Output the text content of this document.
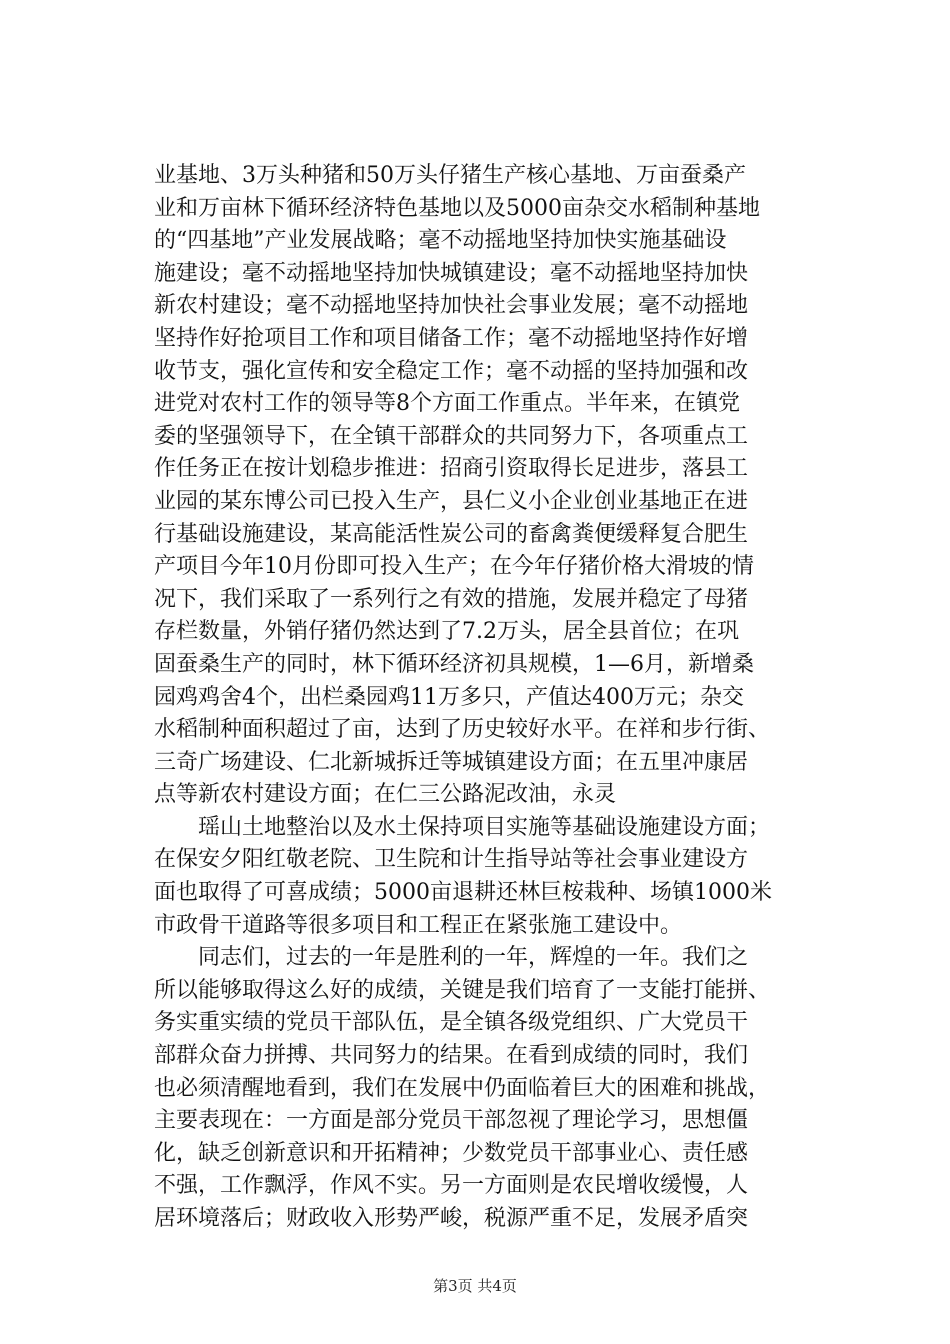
业基地、3万头种猪和50万头仔猪生产核心基地、万亩蚕桑产
业和万亩林下循环经济特色基地以及5000亩杂交水稻制种基地
的“四基地”产业发展战略；毫不动摇地坚持加快实施基础设
施建设；毫不动摇地坚持加快城镇建设；毫不动摇地坚持加快
新农村建设；毫不动摇地坚持加快社会事业发展；毫不动摇地
坚持作好抢项目工作和项目储备工作；毫不动摇地坚持作好增
收节支，强化宣传和安全稳定工作；毫不动摇的坚持加强和改
进党对农村工作的领导等8个方面工作重点。半年来，在镇党
委的坚强领导下，在全镇干部群众的共同努力下，各项重点工
作任务正在按计划稳步推进：招商引资取得长足进步，落县工
业园的某东博公司已投入生产，县仁义小企业创业基地正在进
行基础设施建设，某高能活性炭公司的畜禽粪便缓释复合肥生
产项目今年10月份即可投入生产；在今年仔猪价格大滑坡的情
况下，我们采取了一系列行之有效的措施，发展并稳定了母猪
存栏数量，外销仔猪仍然达到了7.2万头，居全县首位；在巩
固蚕桑生产的同时，林下循环经济初具规模，1—6月，新增桑
园鸡鸡舍4个，出栏桑园鸡11万多只，产值达400万元；杂交
水稻制种面积超过了亩，达到了历史较好水平。在祥和步行街、
三奇广场建设、仁北新城拆迁等城镇建设方面；在五里冲康居
点等新农村建设方面；在仁三公路泥改油，永灵
　　瑶山土地整治以及水土保持项目实施等基础设施建设方面；
在保安夕阳红敬老院、卫生院和计生指导站等社会事业建设方
面也取得了可喜成绩；5000亩退耕还林巨桉栽种、场镇1000米
市政骨干道路等很多项目和工程正在紧张施工建设中。
　　同志们，过去的一年是胜利的一年，辉煌的一年。我们之
所以能够取得这么好的成绩，关键是我们培育了一支能打能拼、
务实重实绩的党员干部队伍，是全镇各级党组织、广大党员干
部群众奋力拼搏、共同努力的结果。在看到成绩的同时，我们
也必须清醒地看到，我们在发展中仍面临着巨大的困难和挑战，
主要表现在：一方面是部分党员干部忽视了理论学习，思想僵
化，缺乏创新意识和开拓精神；少数党员干部事业心、责任感
不强，工作飘浮，作风不实。另一方面则是农民增收缓慢，人
居环境落后；财政收入形势严峻，税源严重不足，发展矛盾突
第3页 共4页
